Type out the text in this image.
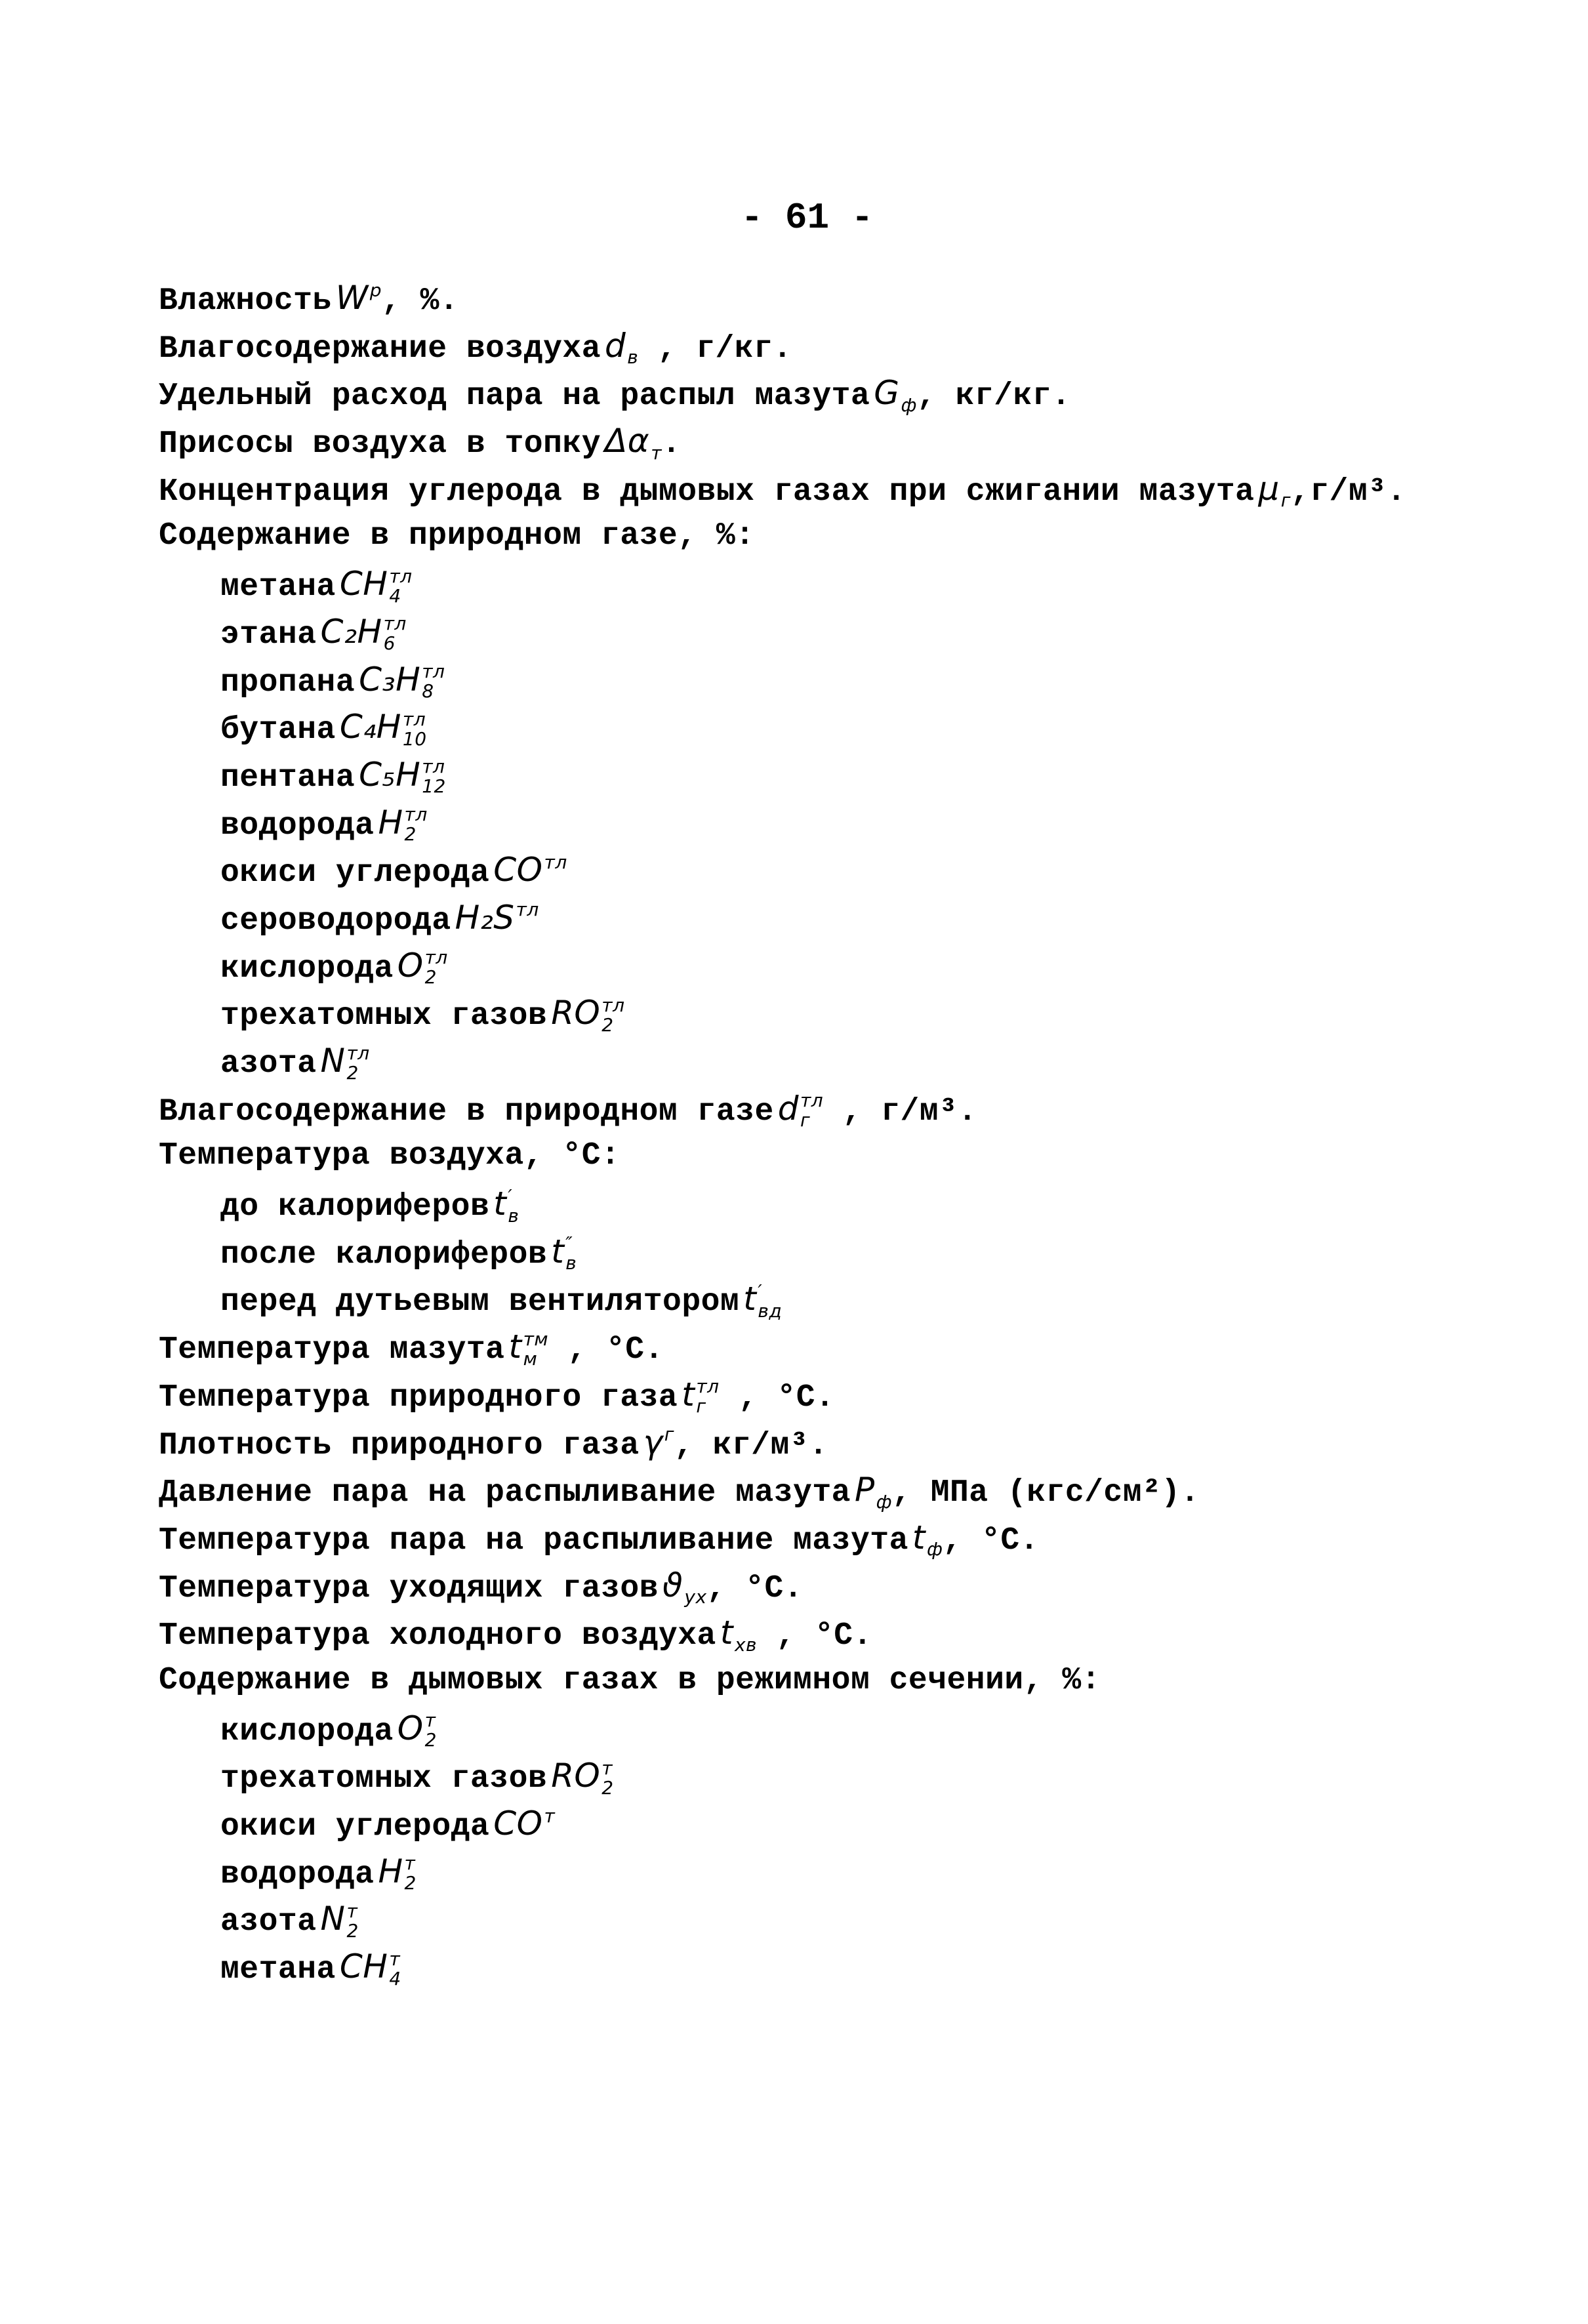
- 61 -
Влажность W p
, %.
Влагосодержание воздуха d
в , г/кг.
Удельный расход пара на распыл мазута G
ф , кг/кг.
Присосы воздуха в топку Δα
т .
Концентрация углерода в дымовых газах при сжигании мазута μ
г ,г/м³.
Содержание в природном газе, %:
метана CH тл
4
этана C₂H тл
6
пропана C₃H тл
8
бутана C₄H тл
10
пентана C₅H тл
12
водорода H тл
2
окиси углерода CO тл

сероводорода H₂S тл

кислорода O тл
2
трехатомных газов RO тл
2
азота N тл
2
Влагосодержание в природном газе d тл
г , г/м³.
Температура воздуха, °С:
до калориферов t ′
в
после калориферов t ″
в
перед дутьевым вентилятором t ′
вд
Температура мазута t тм
м , °С.
Температура природного газа t тл
г , °С.
Плотность природного газа γ г
, кг/м³.
Давление пара на распыливание мазута P
ф , МПа (кгс/см²).
Температура пара на распыливание мазута t
ф , °С.
Температура уходящих газов ϑ
ух , °С.
Температура холодного воздуха t
хв , °С.
Содержание в дымовых газах в режимном сечении, %:
кислорода O т
2
трехатомных газов RO т
2
окиси углерода CO т

водорода H т
2
азота N т
2
метана CH т
4
